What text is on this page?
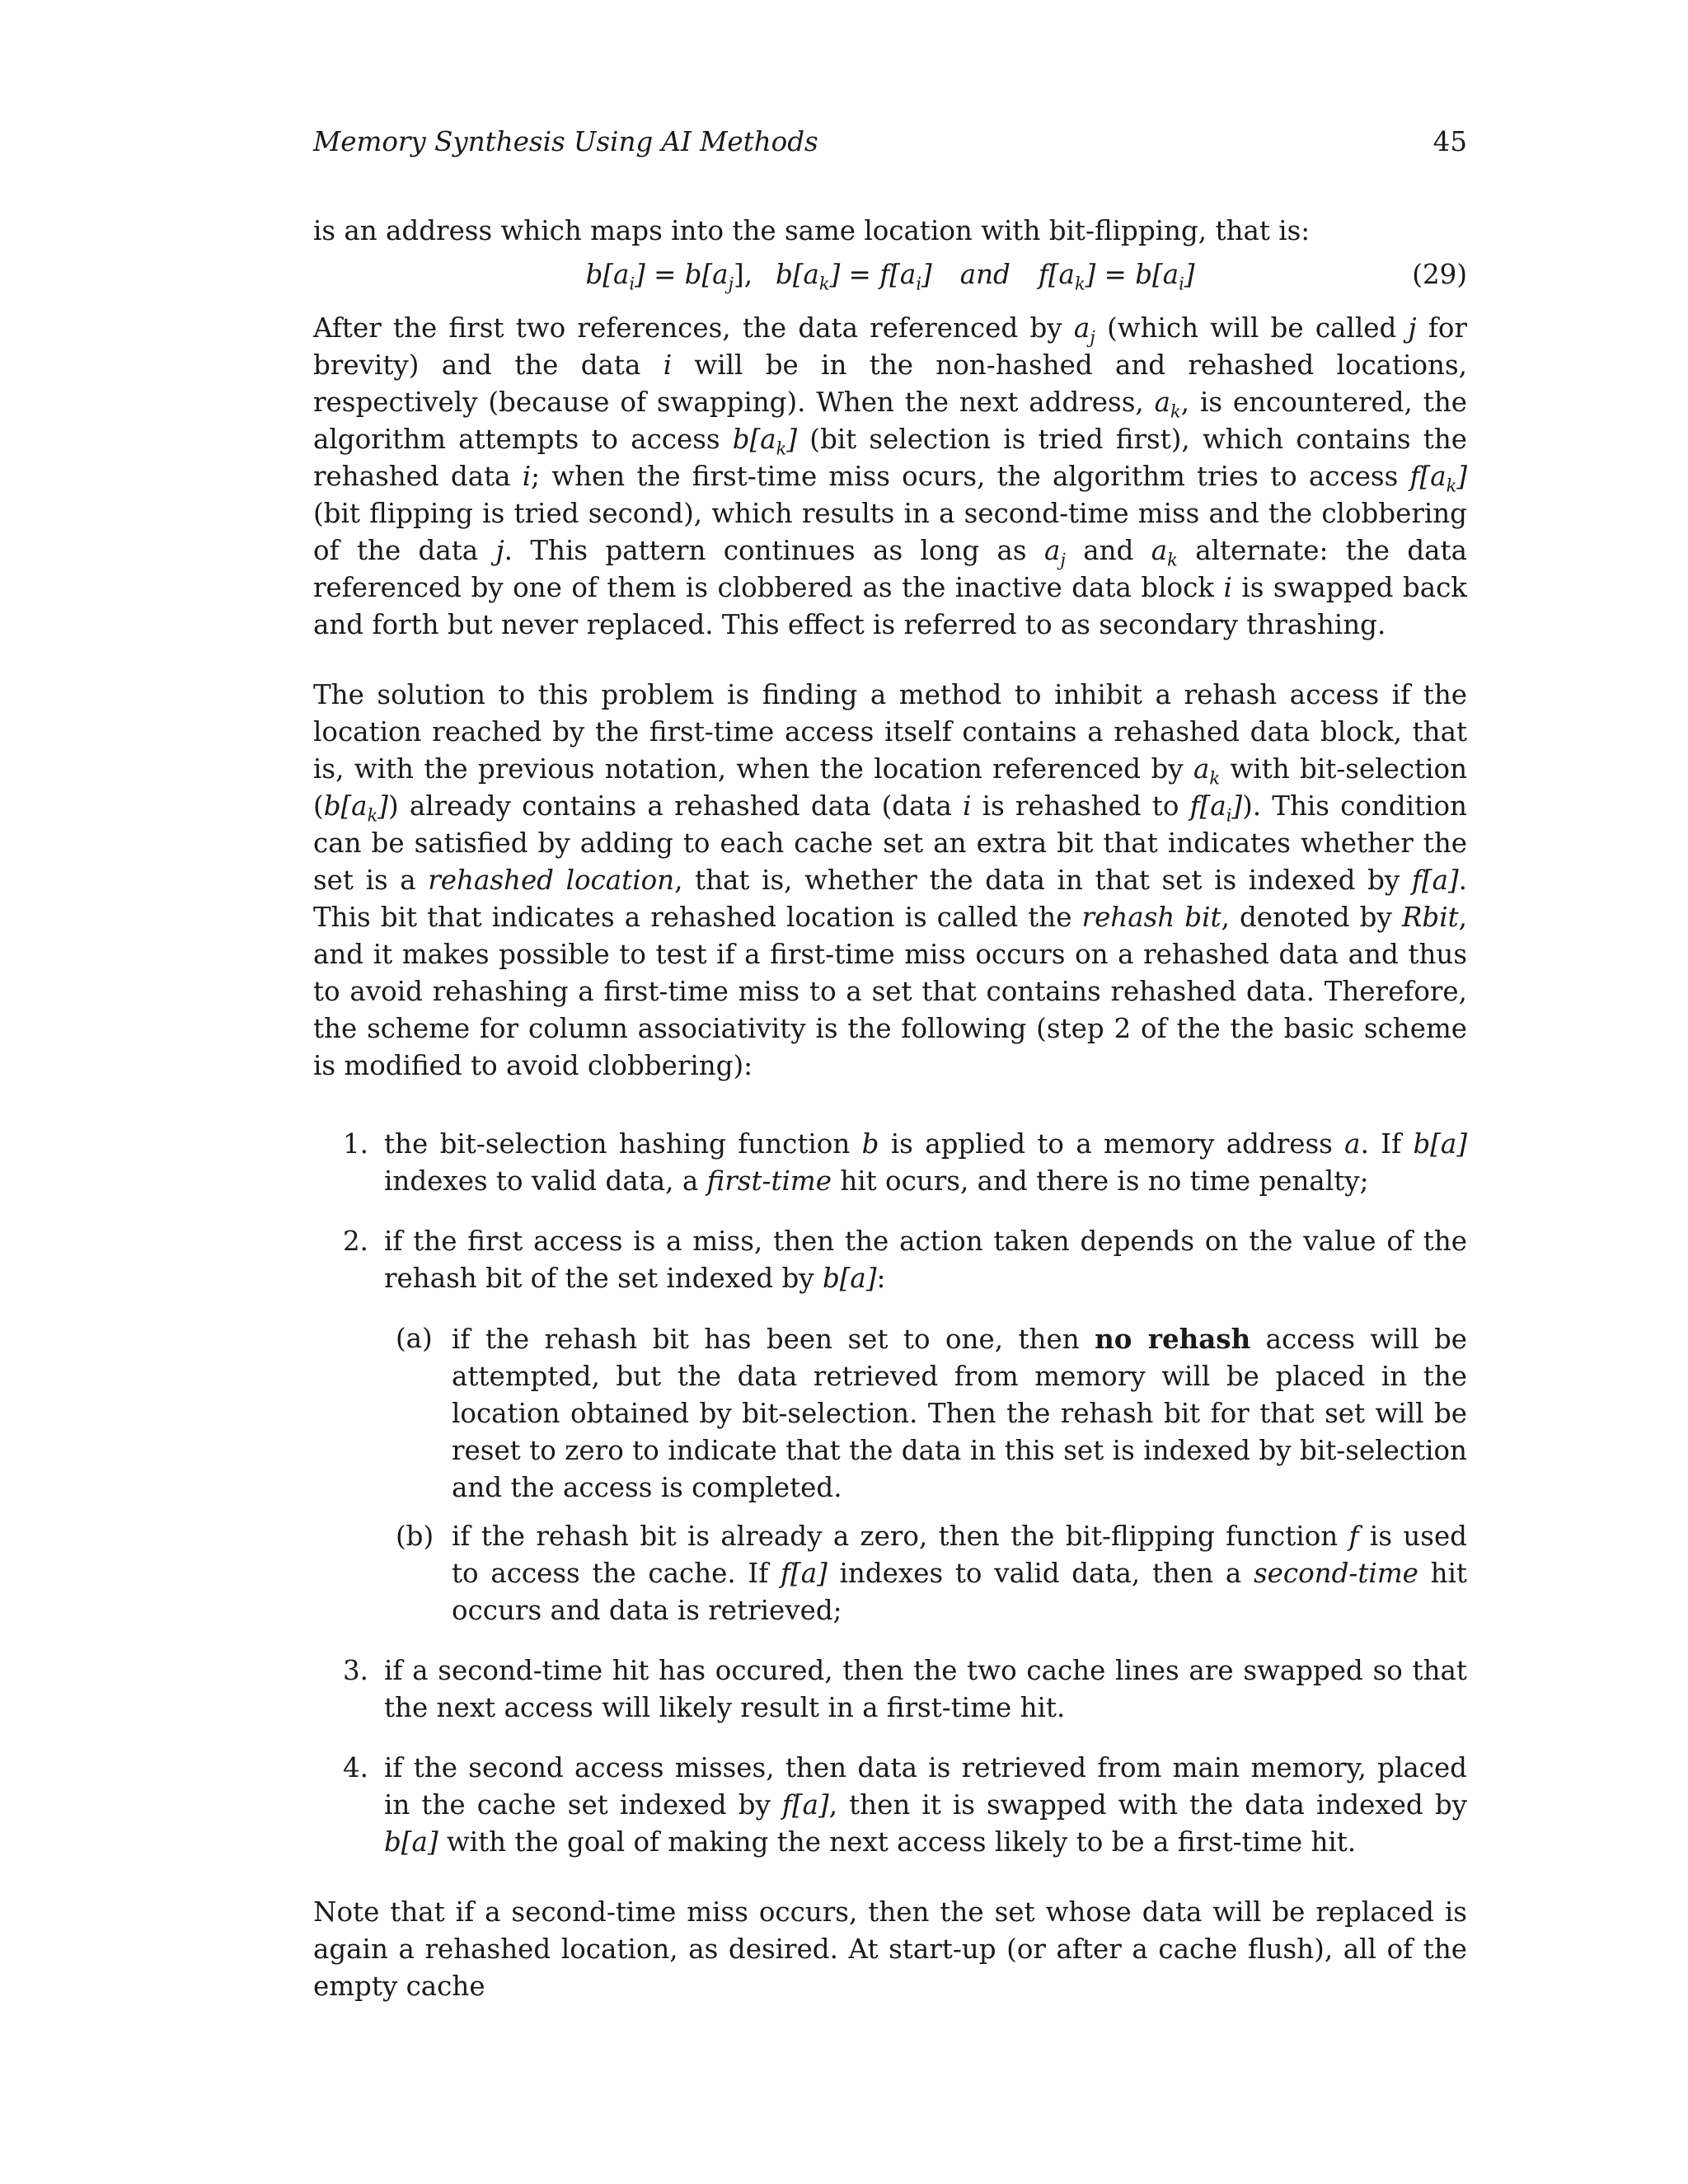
Memory Synthesis Using AI Methods	45

is an address which maps into the same location with bit-flipping, that is:

$b[a_i] = b[a_j]$, $b[a_k] = f[a_i]$ and $f[a_k] = b[a_i]$	(29)

After the first two references, the data referenced by $a_j$ (which will be called j for brevity) and the data i will be in the non-hashed and rehashed locations, respectively (because of swapping). When the next address, $a_k$, is encountered, the algorithm attempts to access $b[a_k]$ (bit selection is tried first), which contains the rehashed data i; when the first-time miss ocurs, the algorithm tries to access $f[a_k]$ (bit flipping is tried second), which results in a second-time miss and the clobbering of the data j. This pattern continues as long as $a_j$ and $a_k$ alternate: the data referenced by one of them is clobbered as the inactive data block i is swapped back and forth but never replaced. This effect is referred to as secondary thrashing.

The solution to this problem is finding a method to inhibit a rehash access if the location reached by the first-time access itself contains a rehashed data block, that is, with the previous notation, when the location referenced by $a_k$ with bit-selection $(b[a_k])$ already contains a rehashed data (data i is rehashed to $f[a_i]$). This condition can be satisfied by adding to each cache set an extra bit that indicates whether the set is a rehashed location, that is, whether the data in that set is indexed by f[a]. This bit that indicates a rehashed location is called the rehash bit, denoted by Rbit, and it makes possible to test if a first-time miss occurs on a rehashed data and thus to avoid rehashing a first-time miss to a set that contains rehashed data. Therefore, the scheme for column associativity is the following (step 2 of the the basic scheme is modified to avoid clobbering):

1. the bit-selection hashing function b is applied to a memory address a. If b[a] indexes to valid data, a first-time hit ocurs, and there is no time penalty;
2. if the first access is a miss, then the action taken depends on the value of the rehash bit of the set indexed by b[a]:
(a) if the rehash bit has been set to one, then no rehash access will be attempted, but the data retrieved from memory will be placed in the location obtained by bit-selection. Then the rehash bit for that set will be reset to zero to indicate that the data in this set is indexed by bit-selection and the access is completed.
(b) if the rehash bit is already a zero, then the bit-flipping function f is used to access the cache. If f[a] indexes to valid data, then a second-time hit occurs and data is retrieved;
3. if a second-time hit has occured, then the two cache lines are swapped so that the next access will likely result in a first-time hit.
4. if the second access misses, then data is retrieved from main memory, placed in the cache set indexed by f[a], then it is swapped with the data indexed by b[a] with the goal of making the next access likely to be a first-time hit.

Note that if a second-time miss occurs, then the set whose data will be replaced is again a rehashed location, as desired. At start-up (or after a cache flush), all of the empty cache
